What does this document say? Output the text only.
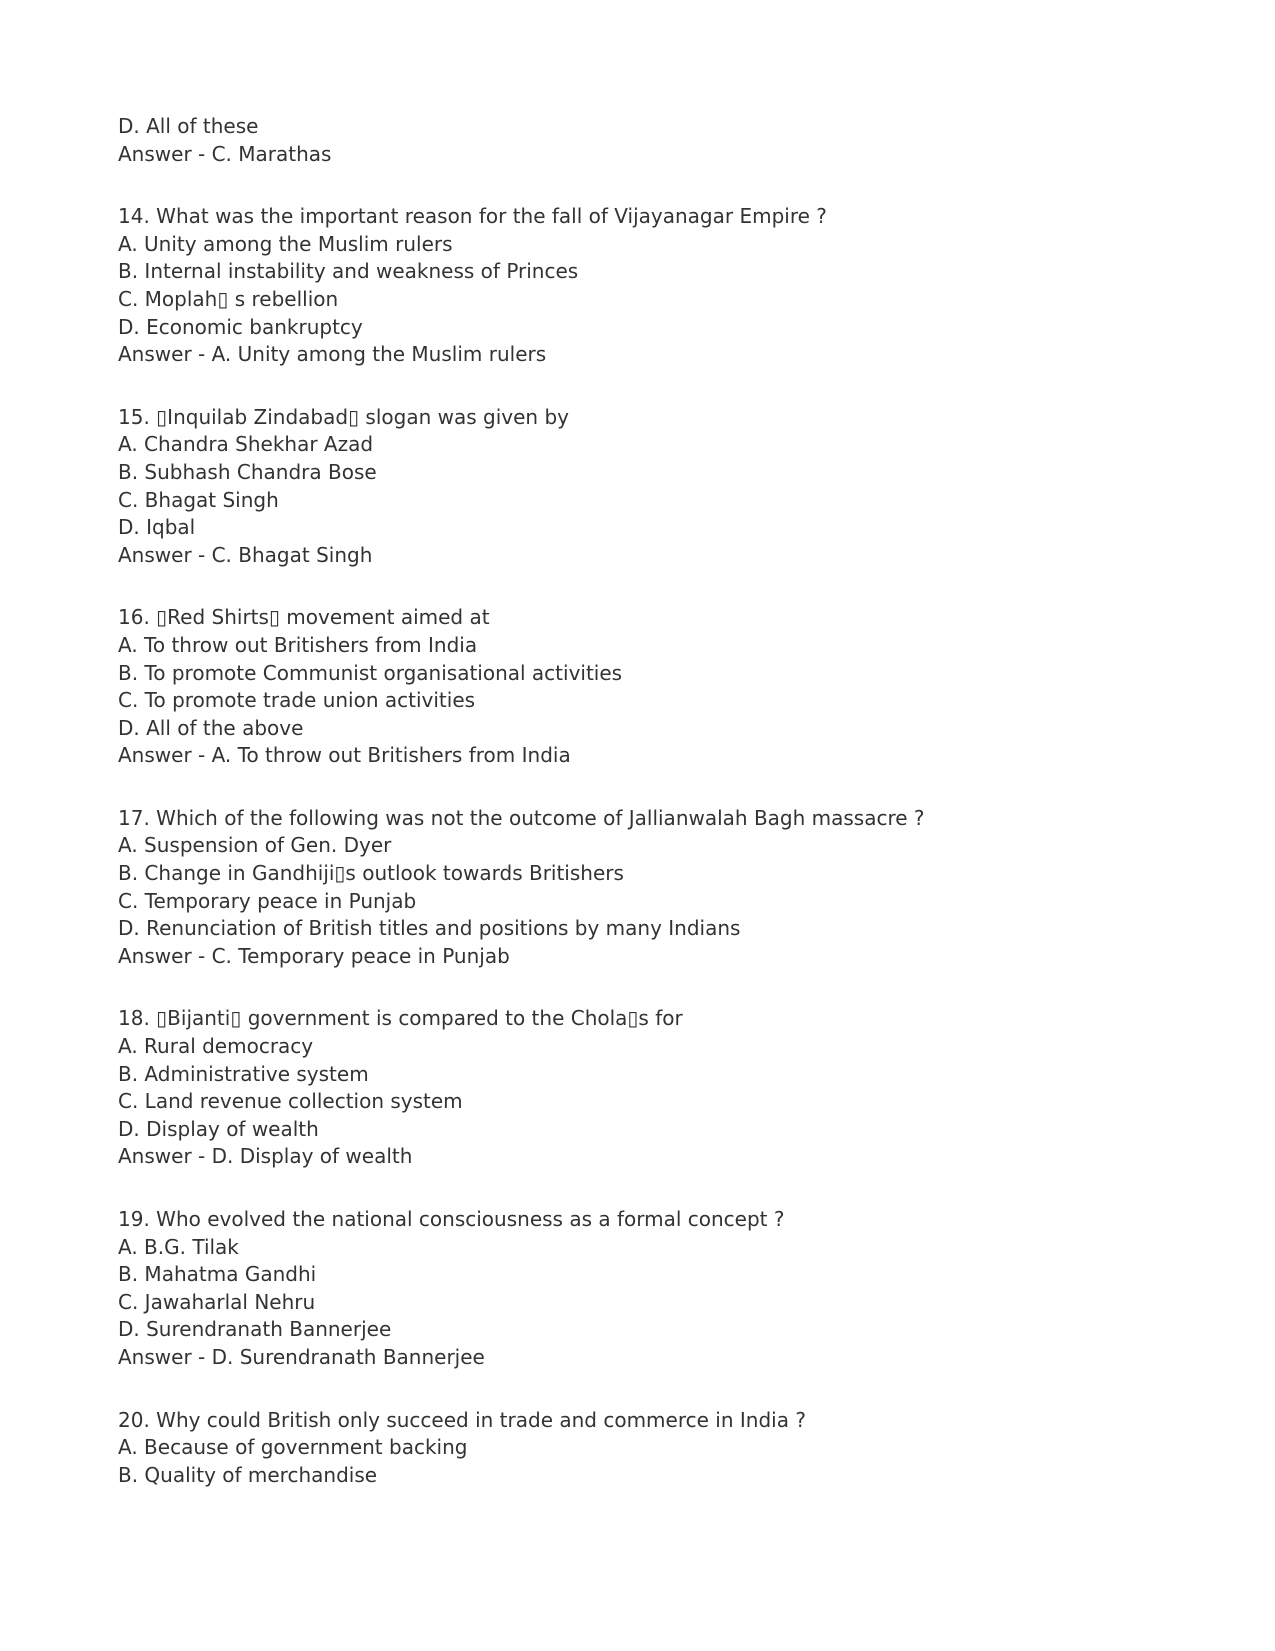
D. All of these
Answer - C. Marathas
14. What was the important reason for the fall of Vijayanagar Empire ?
A. Unity among the Muslim rulers
B. Internal instability and weakness of Princes
C. Moplah▯ s rebellion
D. Economic bankruptcy
Answer - A. Unity among the Muslim rulers
15. ▯Inquilab Zindabad▯ slogan was given by
A. Chandra Shekhar Azad
B. Subhash Chandra Bose
C. Bhagat Singh
D. Iqbal
Answer - C. Bhagat Singh
16. ▯Red Shirts▯ movement aimed at
A. To throw out Britishers from India
B. To promote Communist organisational activities
C. To promote trade union activities
D. All of the above
Answer - A. To throw out Britishers from India
17. Which of the following was not the outcome of Jallianwalah Bagh massacre ?
A. Suspension of Gen. Dyer
B. Change in Gandhiji▯s outlook towards Britishers
C. Temporary peace in Punjab
D. Renunciation of British titles and positions by many Indians
Answer - C. Temporary peace in Punjab
18. ▯Bijanti▯ government is compared to the Chola▯s for
A. Rural democracy
B. Administrative system
C. Land revenue collection system
D. Display of wealth
Answer - D. Display of wealth
19. Who evolved the national consciousness as a formal concept ?
A. B.G. Tilak
B. Mahatma Gandhi
C. Jawaharlal Nehru
D. Surendranath Bannerjee
Answer - D. Surendranath Bannerjee
20. Why could British only succeed in trade and commerce in India ?
A. Because of government backing
B. Quality of merchandise
